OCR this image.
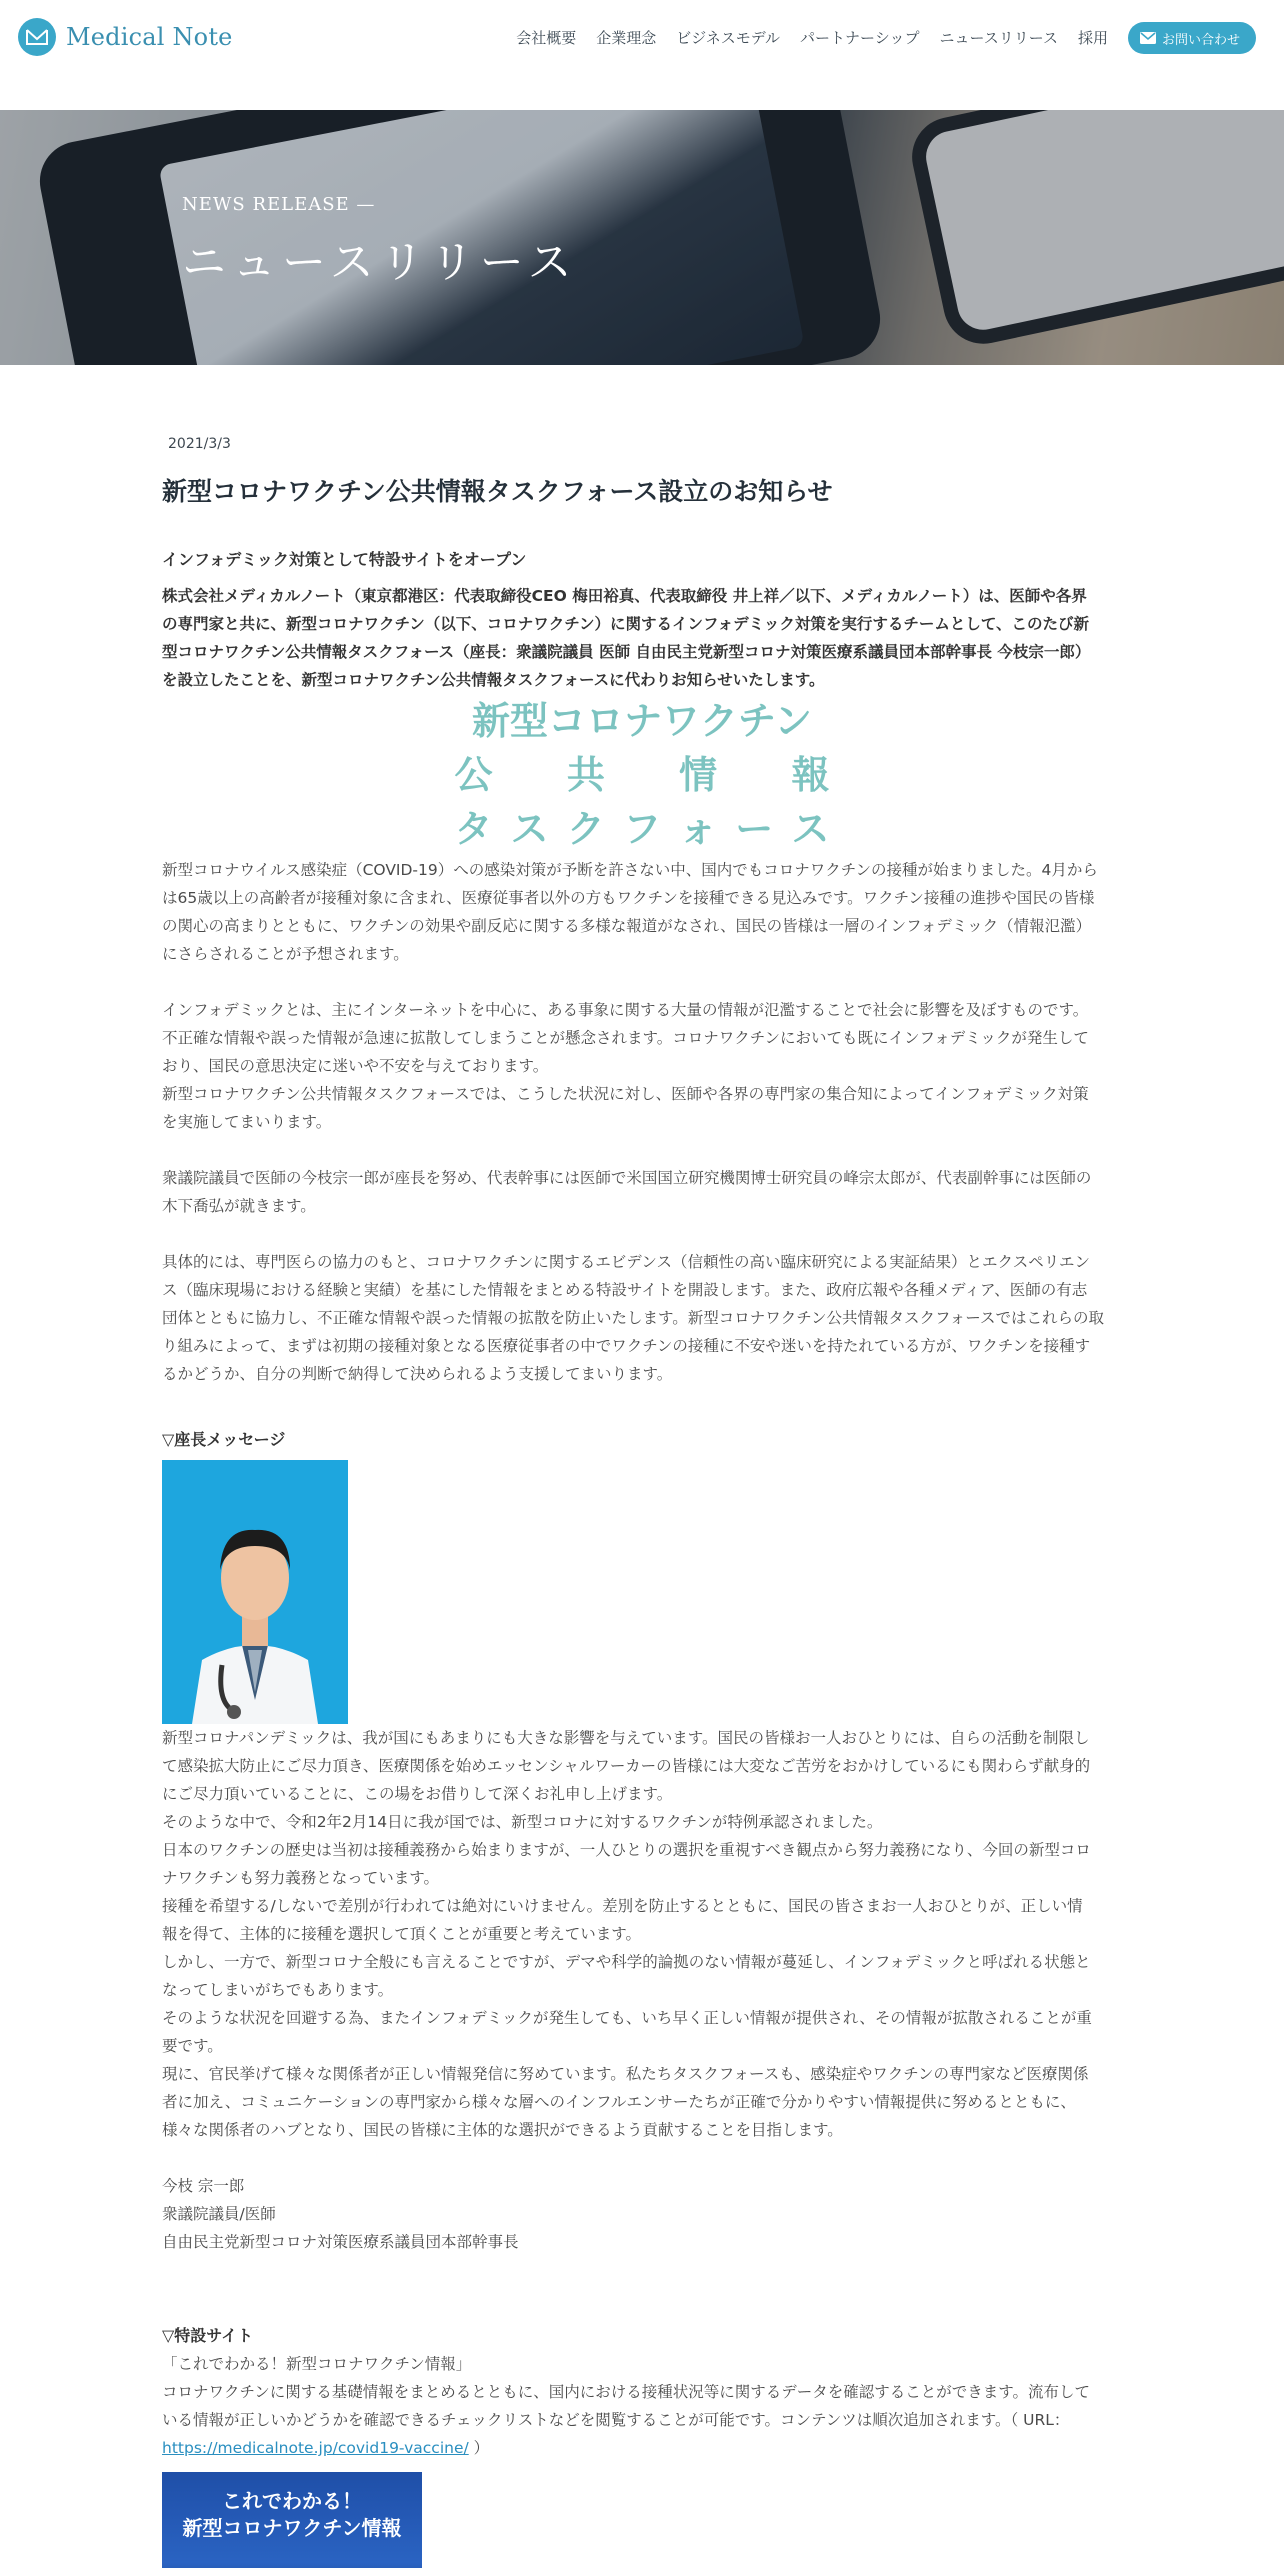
Medical Note	会社概要 企業理念 ビジネスモデル パートナーシップ ニュースリリース 採用	お問い合わせ
NEWS RELEASE —
ニュースリリース
2021/3/3
新型コロナワクチン公共情報タスクフォース設立のお知らせ
インフォデミック対策として特設サイトをオープン
株式会社メディカルノート（東京都港区：代表取締役CEO 梅田裕真、代表取締役 井上祥／以下、メディカルノート）は、医師や各界
の専門家と共に、新型コロナワクチン（以下、コロナワクチン）に関するインフォデミック対策を実行するチームとして、このたび新
型コロナワクチン公共情報タスクフォース（座長：衆議院議員 医師 自由民主党新型コロナ対策医療系議員団本部幹事長 今枝宗一郎）
を設立したことを、新型コロナワクチン公共情報タスクフォースに代わりお知らせいたします。
新型コロナワクチン
公 共 情 報
タ ス ク フ ォ ー ス
新型コロナウイルス感染症（COVID-19）への感染対策が予断を許さない中、国内でもコロナワクチンの接種が始まりました。4月から
は65歳以上の高齢者が接種対象に含まれ、医療従事者以外の方もワクチンを接種できる見込みです。ワクチン接種の進捗や国民の皆様
の関心の高まりとともに、ワクチンの効果や副反応に関する多様な報道がなされ、国民の皆様は一層のインフォデミック（情報氾濫）
にさらされることが予想されます。
インフォデミックとは、主にインターネットを中心に、ある事象に関する大量の情報が氾濫することで社会に影響を及ぼすものです。
不正確な情報や誤った情報が急速に拡散してしまうことが懸念されます。コロナワクチンにおいても既にインフォデミックが発生して
おり、国民の意思決定に迷いや不安を与えております。
新型コロナワクチン公共情報タスクフォースでは、こうした状況に対し、医師や各界の専門家の集合知によってインフォデミック対策
を実施してまいります。
衆議院議員で医師の今枝宗一郎が座長を努め、代表幹事には医師で米国国立研究機関博士研究員の峰宗太郎が、代表副幹事には医師の
木下喬弘が就きます。
具体的には、専門医らの協力のもと、コロナワクチンに関するエビデンス（信頼性の高い臨床研究による実証結果）とエクスペリエン
ス（臨床現場における経験と実績）を基にした情報をまとめる特設サイトを開設します。また、政府広報や各種メディア、医師の有志
団体とともに協力し、不正確な情報や誤った情報の拡散を防止いたします。新型コロナワクチン公共情報タスクフォースではこれらの取
り組みによって、まずは初期の接種対象となる医療従事者の中でワクチンの接種に不安や迷いを持たれている方が、ワクチンを接種す
るかどうか、自分の判断で納得して決められるよう支援してまいります。
▽座長メッセージ
新型コロナパンデミックは、我が国にもあまりにも大きな影響を与えています。国民の皆様お一人おひとりには、自らの活動を制限し
て感染拡大防止にご尽力頂き、医療関係を始めエッセンシャルワーカーの皆様には大変なご苦労をおかけしているにも関わらず献身的
にご尽力頂いていることに、この場をお借りして深くお礼申し上げます。
そのような中で、令和2年2月14日に我が国では、新型コロナに対するワクチンが特例承認されました。
日本のワクチンの歴史は当初は接種義務から始まりますが、一人ひとりの選択を重視すべき観点から努力義務になり、今回の新型コロ
ナワクチンも努力義務となっています。
接種を希望する/しないで差別が行われては絶対にいけません。差別を防止するとともに、国民の皆さまお一人おひとりが、正しい情
報を得て、主体的に接種を選択して頂くことが重要と考えています。
しかし、一方で、新型コロナ全般にも言えることですが、デマや科学的論拠のない情報が蔓延し、インフォデミックと呼ばれる状態と
なってしまいがちでもあります。
そのような状況を回避する為、またインフォデミックが発生しても、いち早く正しい情報が提供され、その情報が拡散されることが重
要です。
現に、官民挙げて様々な関係者が正しい情報発信に努めています。私たちタスクフォースも、感染症やワクチンの専門家など医療関係
者に加え、コミュニケーションの専門家から様々な層へのインフルエンサーたちが正確で分かりやすい情報提供に努めるとともに、
様々な関係者のハブとなり、国民の皆様に主体的な選択ができるよう貢献することを目指します。
今枝 宗一郎
衆議院議員/医師
自由民主党新型コロナ対策医療系議員団本部幹事長
▽特設サイト
「これでわかる！新型コロナワクチン情報」
コロナワクチンに関する基礎情報をまとめるとともに、国内における接種状況等に関するデータを確認することができます。流布して
いる情報が正しいかどうかを確認できるチェックリストなどを閲覧することが可能です。コンテンツは順次追加されます。（ URL：
https://medicalnote.jp/covid19-vaccine/ ）
これでわかる！
新型コロナワクチン情報
